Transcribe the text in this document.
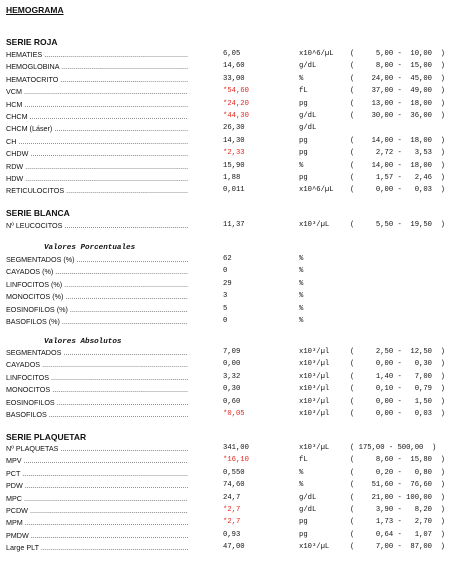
HEMOGRAMA
SERIE ROJA
HEMATIES .....	6,05	x10^6/µL (     5,00 -  10,00  )
HEMOGLOBINA .....	14,60	g/dL	(     8,00 -  15,00  )
HEMATOCRITO .....	33,00	%	(    24,00 -  45,00  )
VCM .....	*54,60	fL	(    37,00 -  49,00  )
HCM .....	*24,20	pg	(    13,00 -  18,00  )
CHCM .....	*44,30	g/dL	(    30,00 -  36,00  )
CHCM (Láser) .....	26,30	g/dL
CH .....	14,30	pg	(    14,00 -  18,00  )
CHDW .....	*2,33	pg	(     2,72 -   3,53  )
RDW .....	15,90	%	(    14,00 -  18,00  )
HDW .....	1,88	pg	(     1,57 -   2,46  )
RETICULOCITOS .....	0,011	x10^6/µL (     0,00 -   0,03  )
SERIE BLANCA
Nº LEUCOCITOS .....	11,37	x10³/µL	(     5,50 -  19,50  )
Valores Porcentuales
SEGMENTADOS (%) .....	62	%
CAYADOS (%) .....	0	%
LINFOCITOS (%) .....	29	%
MONOCITOS (%) .....	3	%
EOSINOFILOS (%) .....	5	%
BASOFILOS (%) .....	0	%
Valores Absolutos
SEGMENTADOS .....	7,09	x10³/µl	(     2,50 -  12,50  )
CAYADOS .....	0,00	x10³/µl	(     0,00 -   0,30  )
LINFOCITOS .....	3,32	x10³/µl	(     1,40 -   7,00  )
MONOCITOS .....	0,30	x10³/µl	(     0,10 -   0,79  )
EOSINOFILOS .....	0,60	x10³/µl	(     0,00 -   1,50  )
BASOFILOS .....	*0,05	x10³/µl	(     0,00 -   0,03  )
SERIE PLAQUETAR
Nº PLAQUETAS .....	341,00	x10³/µL	( 175,00 - 500,00  )
MPV .....	*16,10	fL	(     8,60 -  15,80  )
PCT .....	0,550	%	(     0,20 -   0,80  )
PDW .....	74,60	%	(    51,60 -  76,60  )
MPC .....	24,7	g/dL	(    21,00 - 100,00  )
PCDW .....	*2,7	g/dL	(     3,90 -   8,20  )
MPM .....	*2,7	pg	(     1,73 -   2,70  )
PMDW .....	0,93	pg	(     0,64 -   1,07  )
Large PLT .....	47,00	x10³/µL	(     7,00 -  87,00  )
